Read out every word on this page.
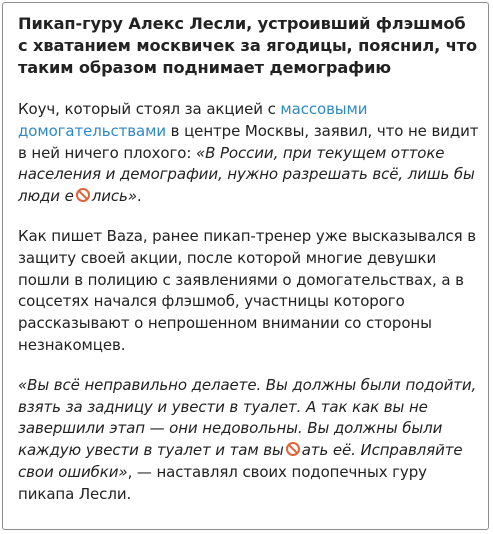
Пикап-гуру Алекс Лесли, устроивший флэшмоб с хватанием москвичек за ягодицы, пояснил, что таким образом поднимает демографию

Коуч, который стоял за акцией с массовыми домогательствами в центре Москвы, заявил, что не видит в ней ничего плохого: «В России, при текущем оттоке населения и демографии, нужно разрешать всё, лишь бы люди е лись».

Как пишет Baza, ранее пикап-тренер уже высказывался в защиту своей акции, после которой многие девушки пошли в полицию с заявлениями о домогательствах, а в соцсетях начался флэшмоб, участницы которого рассказывают о непрошенном внимании со стороны незнакомцев.

«Вы всё неправильно делаете. Вы должны были подойти, взять за задницу и увести в туалет. А так как вы не завершили этап — они недовольны. Вы должны были каждую увести в туалет и там вы ать её. Исправляйте свои ошибки», — наставлял своих подопечных гуру пикапа Лесли.
